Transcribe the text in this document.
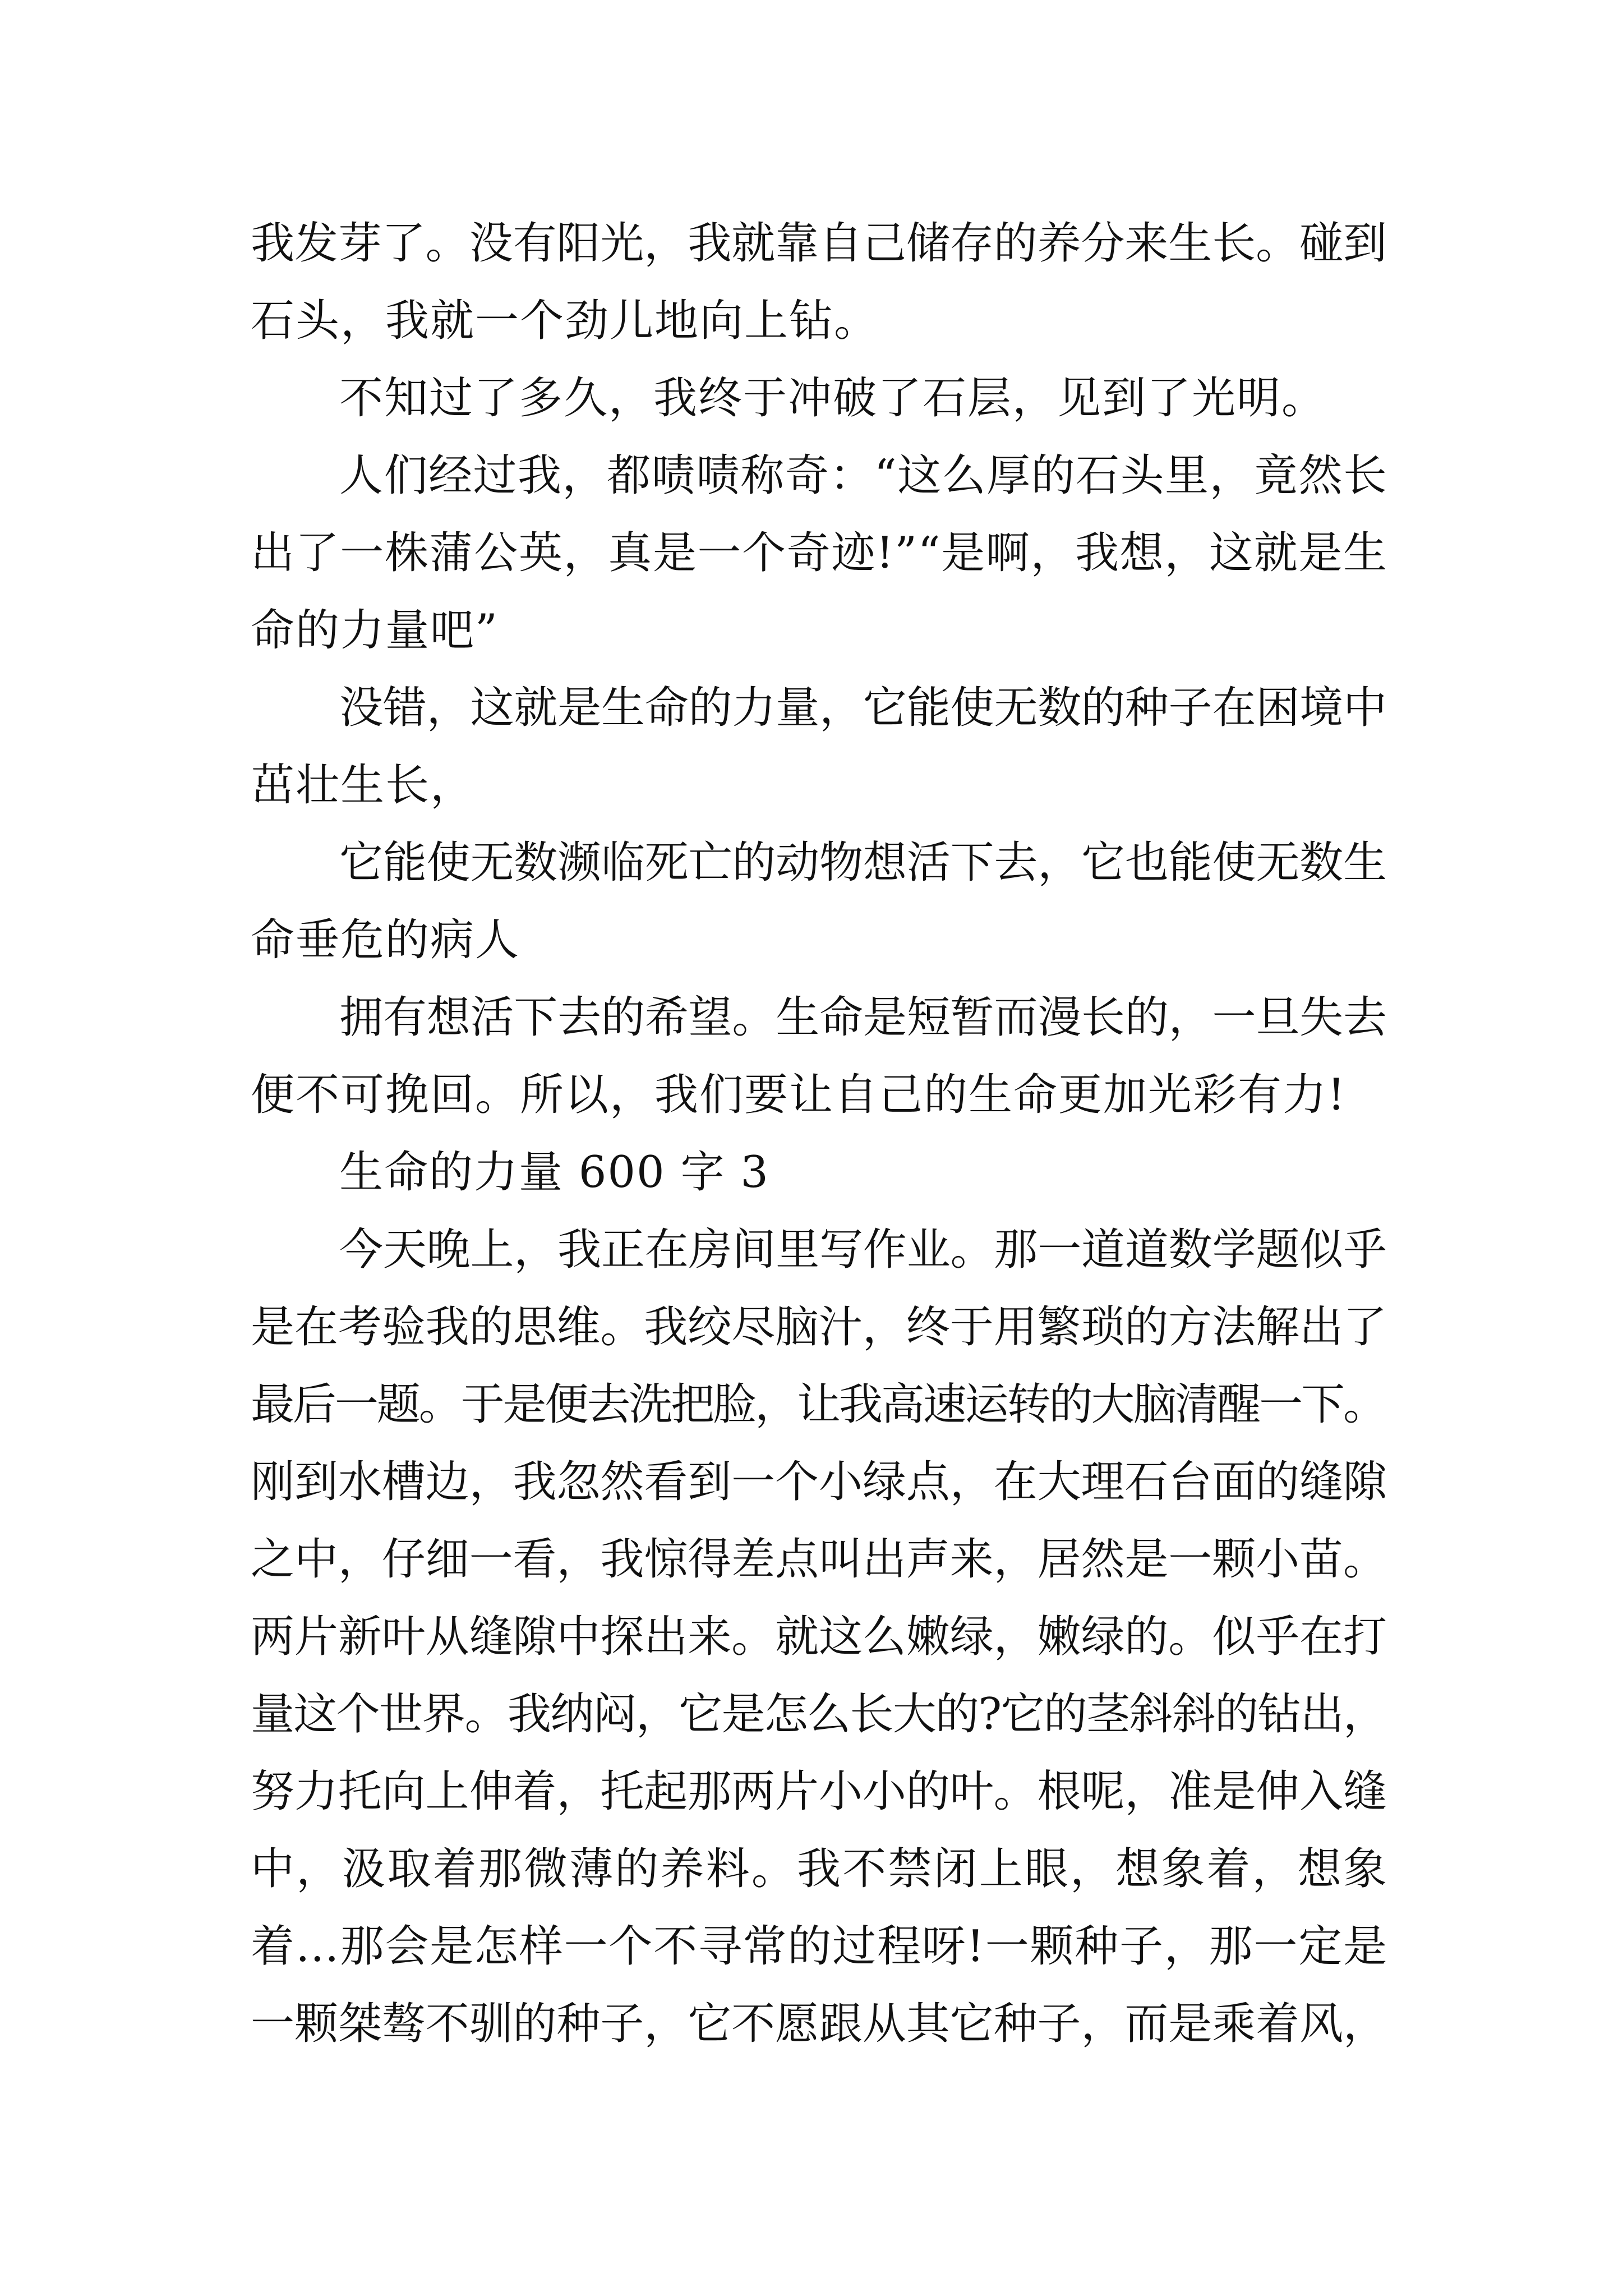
我发芽了。没有阳光，我就靠自己储存的养分来生长。碰到
石头，我就一个劲儿地向上钻。
不知过了多久，我终于冲破了石层，见到了光明。
人们经过我，都啧啧称奇：“这么厚的石头里，竟然长
出了一株蒲公英，真是一个奇迹!”“是啊，我想，这就是生
命的力量吧”
没错，这就是生命的力量，它能使无数的种子在困境中
茁壮生长，
它能使无数濒临死亡的动物想活下去，它也能使无数生
命垂危的病人
拥有想活下去的希望。生命是短暂而漫长的，一旦失去
便不可挽回。所以，我们要让自己的生命更加光彩有力!
生命的力量 600 字 3
今天晚上，我正在房间里写作业。那一道道数学题似乎
是在考验我的思维。我绞尽脑汁，终于用繁琐的方法解出了
最后一题。于是便去洗把脸，让我高速运转的大脑清醒一下。
刚到水槽边，我忽然看到一个小绿点，在大理石台面的缝隙
之中，仔细一看，我惊得差点叫出声来，居然是一颗小苗。
两片新叶从缝隙中探出来。就这么嫩绿，嫩绿的。似乎在打
量这个世界。我纳闷，它是怎么长大的?它的茎斜斜的钻出，
努力托向上伸着，托起那两片小小的叶。根呢，准是伸入缝
中，汲取着那微薄的养料。我不禁闭上眼，想象着，想象
着…那会是怎样一个不寻常的过程呀!一颗种子，那一定是
一颗桀骜不驯的种子，它不愿跟从其它种子，而是乘着风，
